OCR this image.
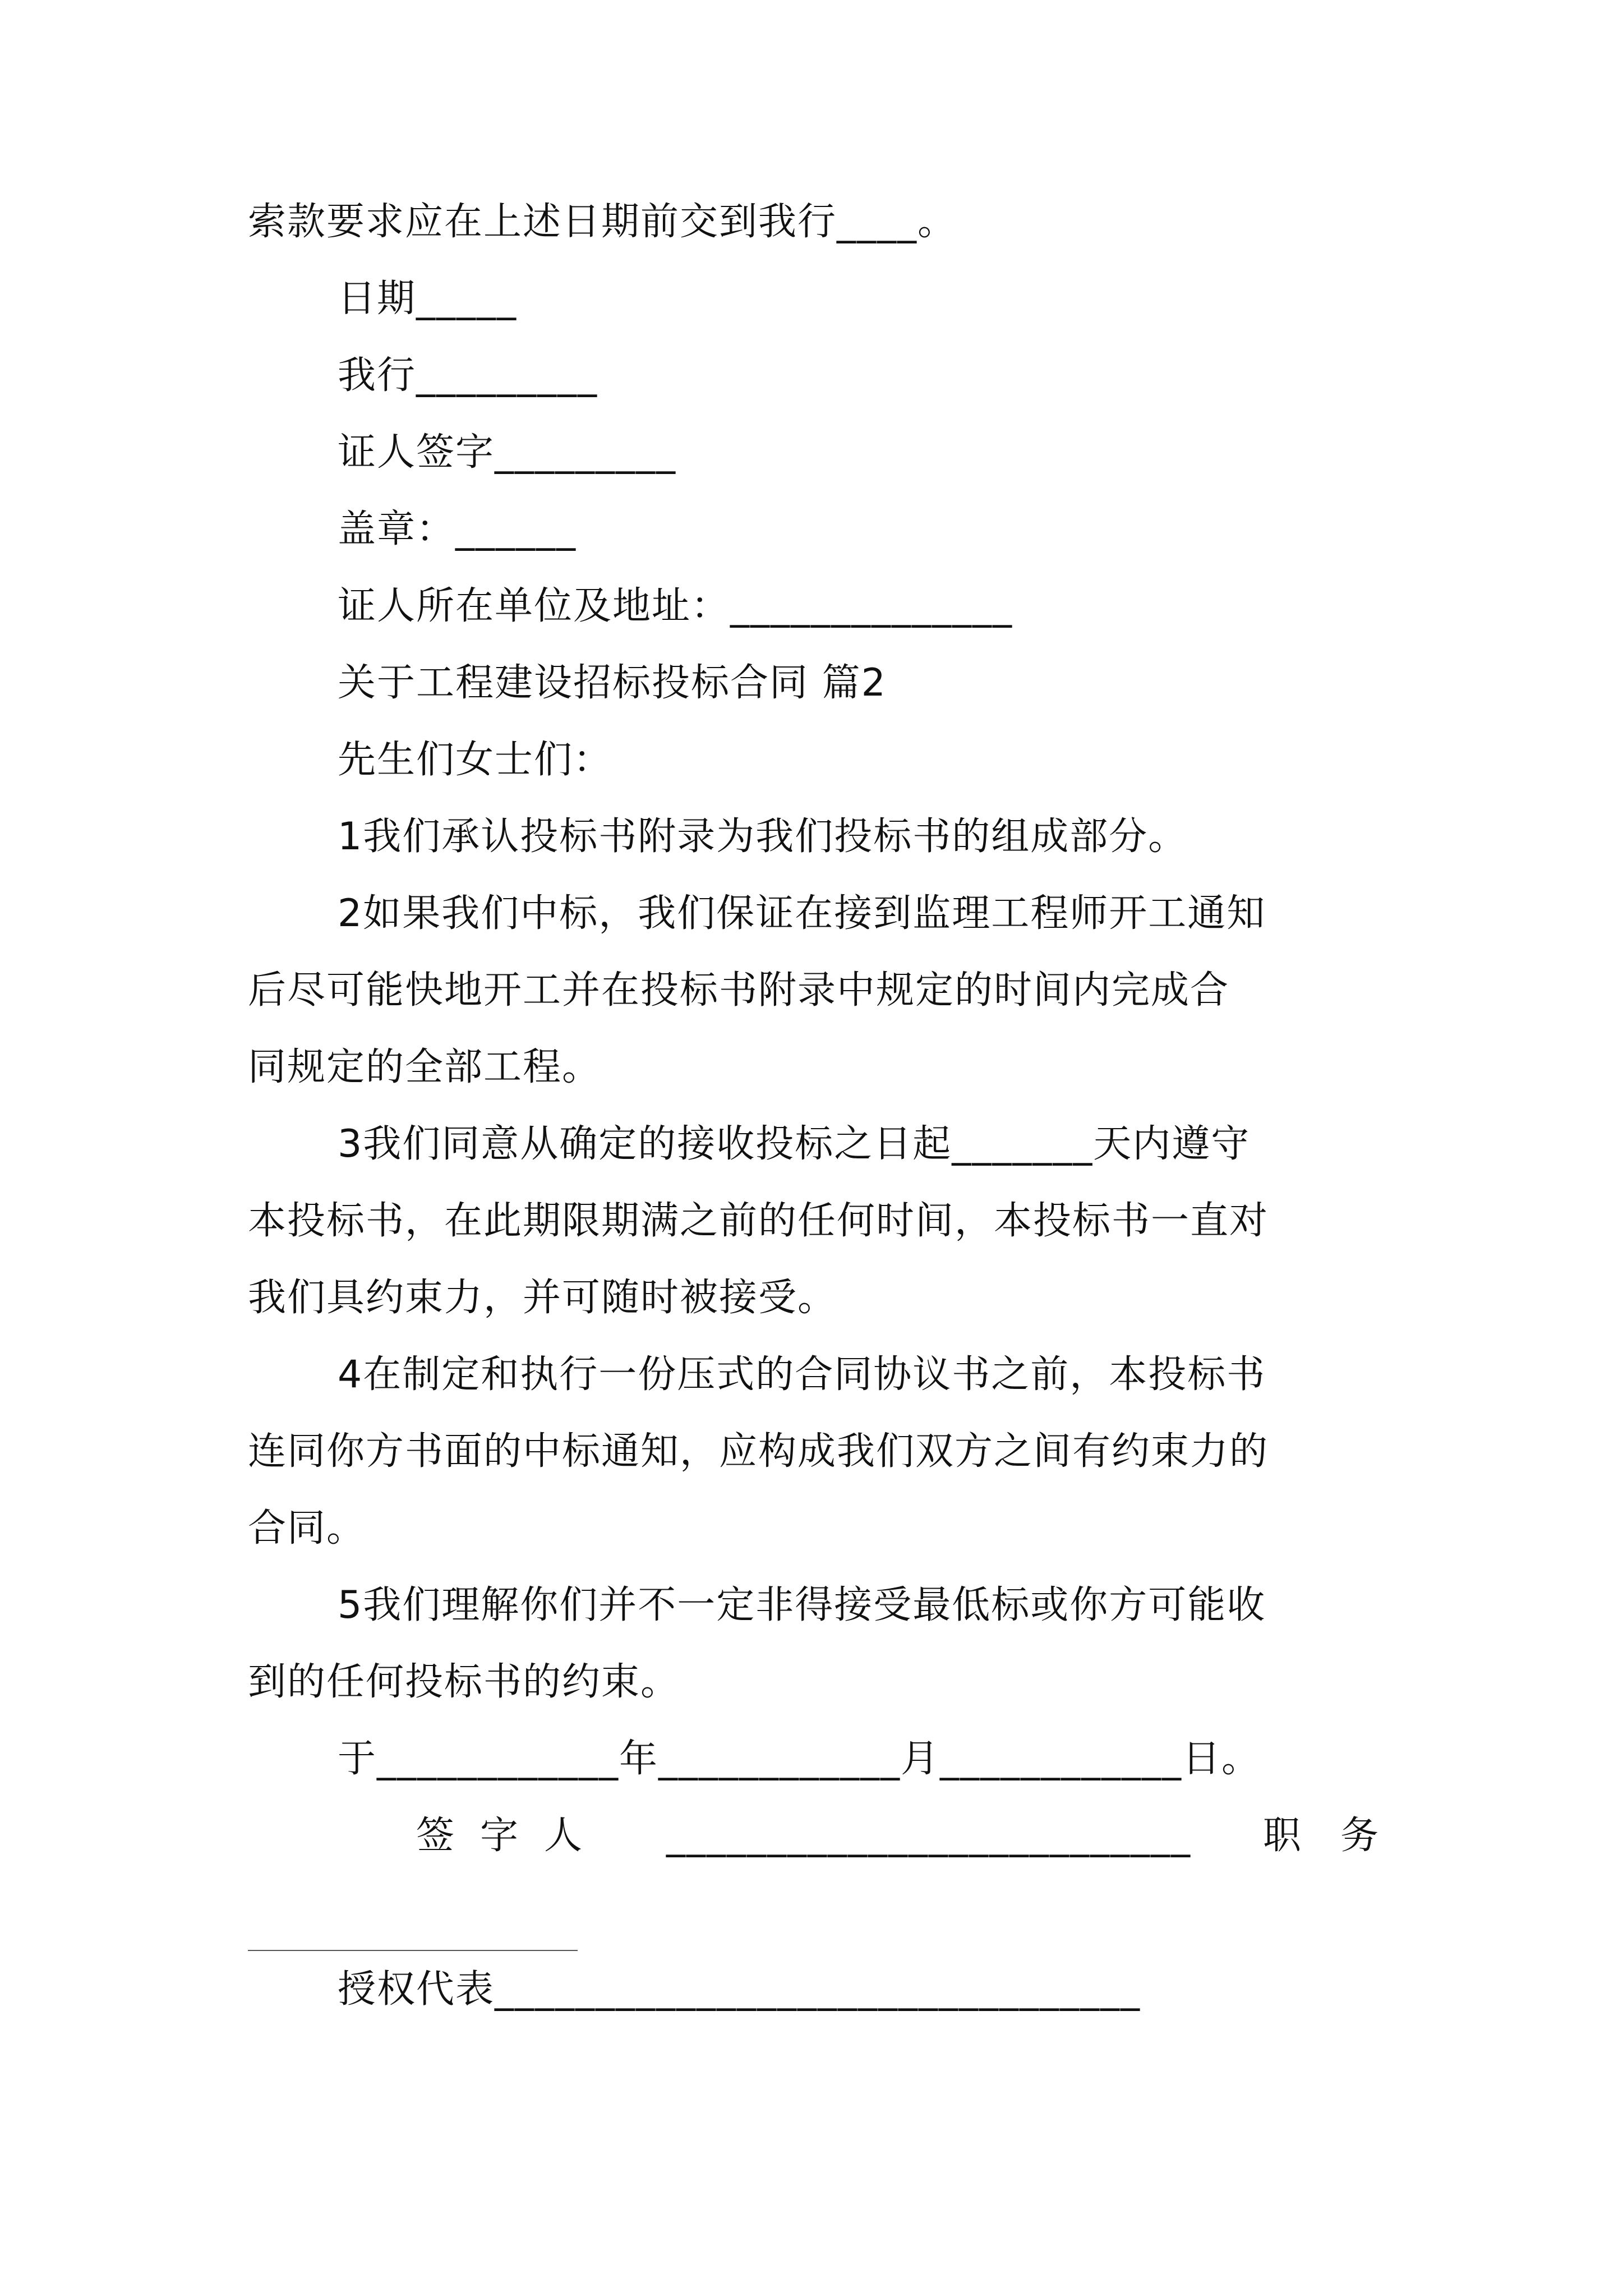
索款要求应在上述日期前交到我行____。

日期_____

我行_________

证人签字_________

盖章：______

证人所在单位及地址：______________

关于工程建设招标投标合同 篇2

先生们女士们：

1我们承认投标书附录为我们投标书的组成部分。

2如果我们中标，我们保证在接到监理工程师开工通知

后尽可能快地开工并在投标书附录中规定的时间内完成合

同规定的全部工程。

3我们同意从确定的接收投标之日起_______天内遵守

本投标书，在此期限期满之前的任何时间，本投标书一直对

我们具约束力，并可随时被接受。

4在制定和执行一份压式的合同协议书之前，本投标书

连同你方书面的中标通知，应构成我们双方之间有约束力的

合同。

5我们理解你们并不一定非得接受最低标或你方可能收

到的任何投标书的约束。

于____________年____________月____________日。

签字人 __________________________ 职务

授权代表________________________________
